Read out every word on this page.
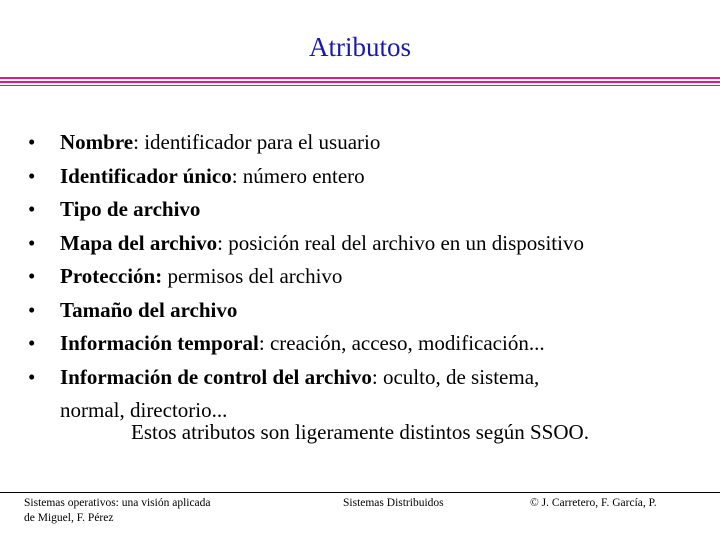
Atributos
• Nombre: identificador para el usuario
• Identificador único: número entero
• Tipo de archivo
• Mapa del archivo: posición real del archivo en un dispositivo
• Protección: permisos del archivo
• Tamaño del archivo
• Información temporal: creación, acceso, modificación...
• Información de control del archivo: oculto, de sistema,
normal, directorio...
Estos atributos son ligeramente distintos según SSOO.
Sistemas operativos: una visión aplicada
de Miguel, F. Pérez
Sistemas Distribuidos	© J. Carretero, F. García, P.
